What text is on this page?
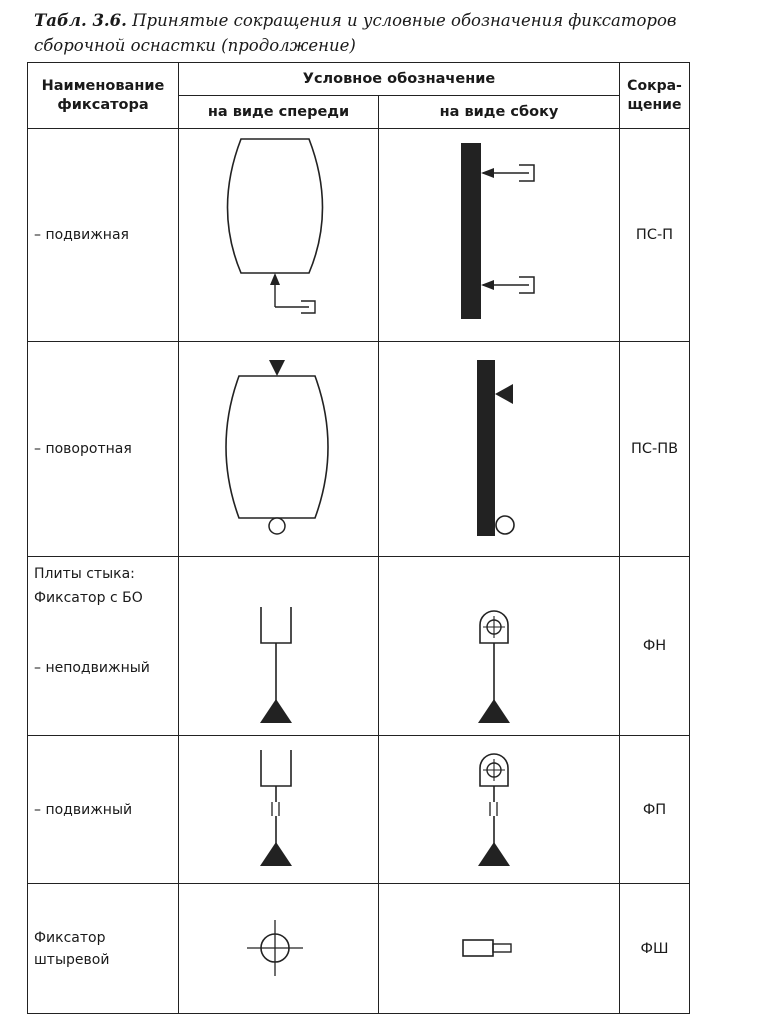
Табл. 3.6. Принятые сокращения и условные обозначения фиксаторов сборочной оснастки (продолжение)
Наименование фиксатора	Условное обозначение		Сокра-щение
	на виде спереди	на виде сбоку	
– подвижная			ПС-П
– поворотная			ПС-ПВ

Плиты стыка:
Фиксатор с БО
– неподвижный			ФН
– подвижный			ФП

Фиксатор
штыревой			ФШ
